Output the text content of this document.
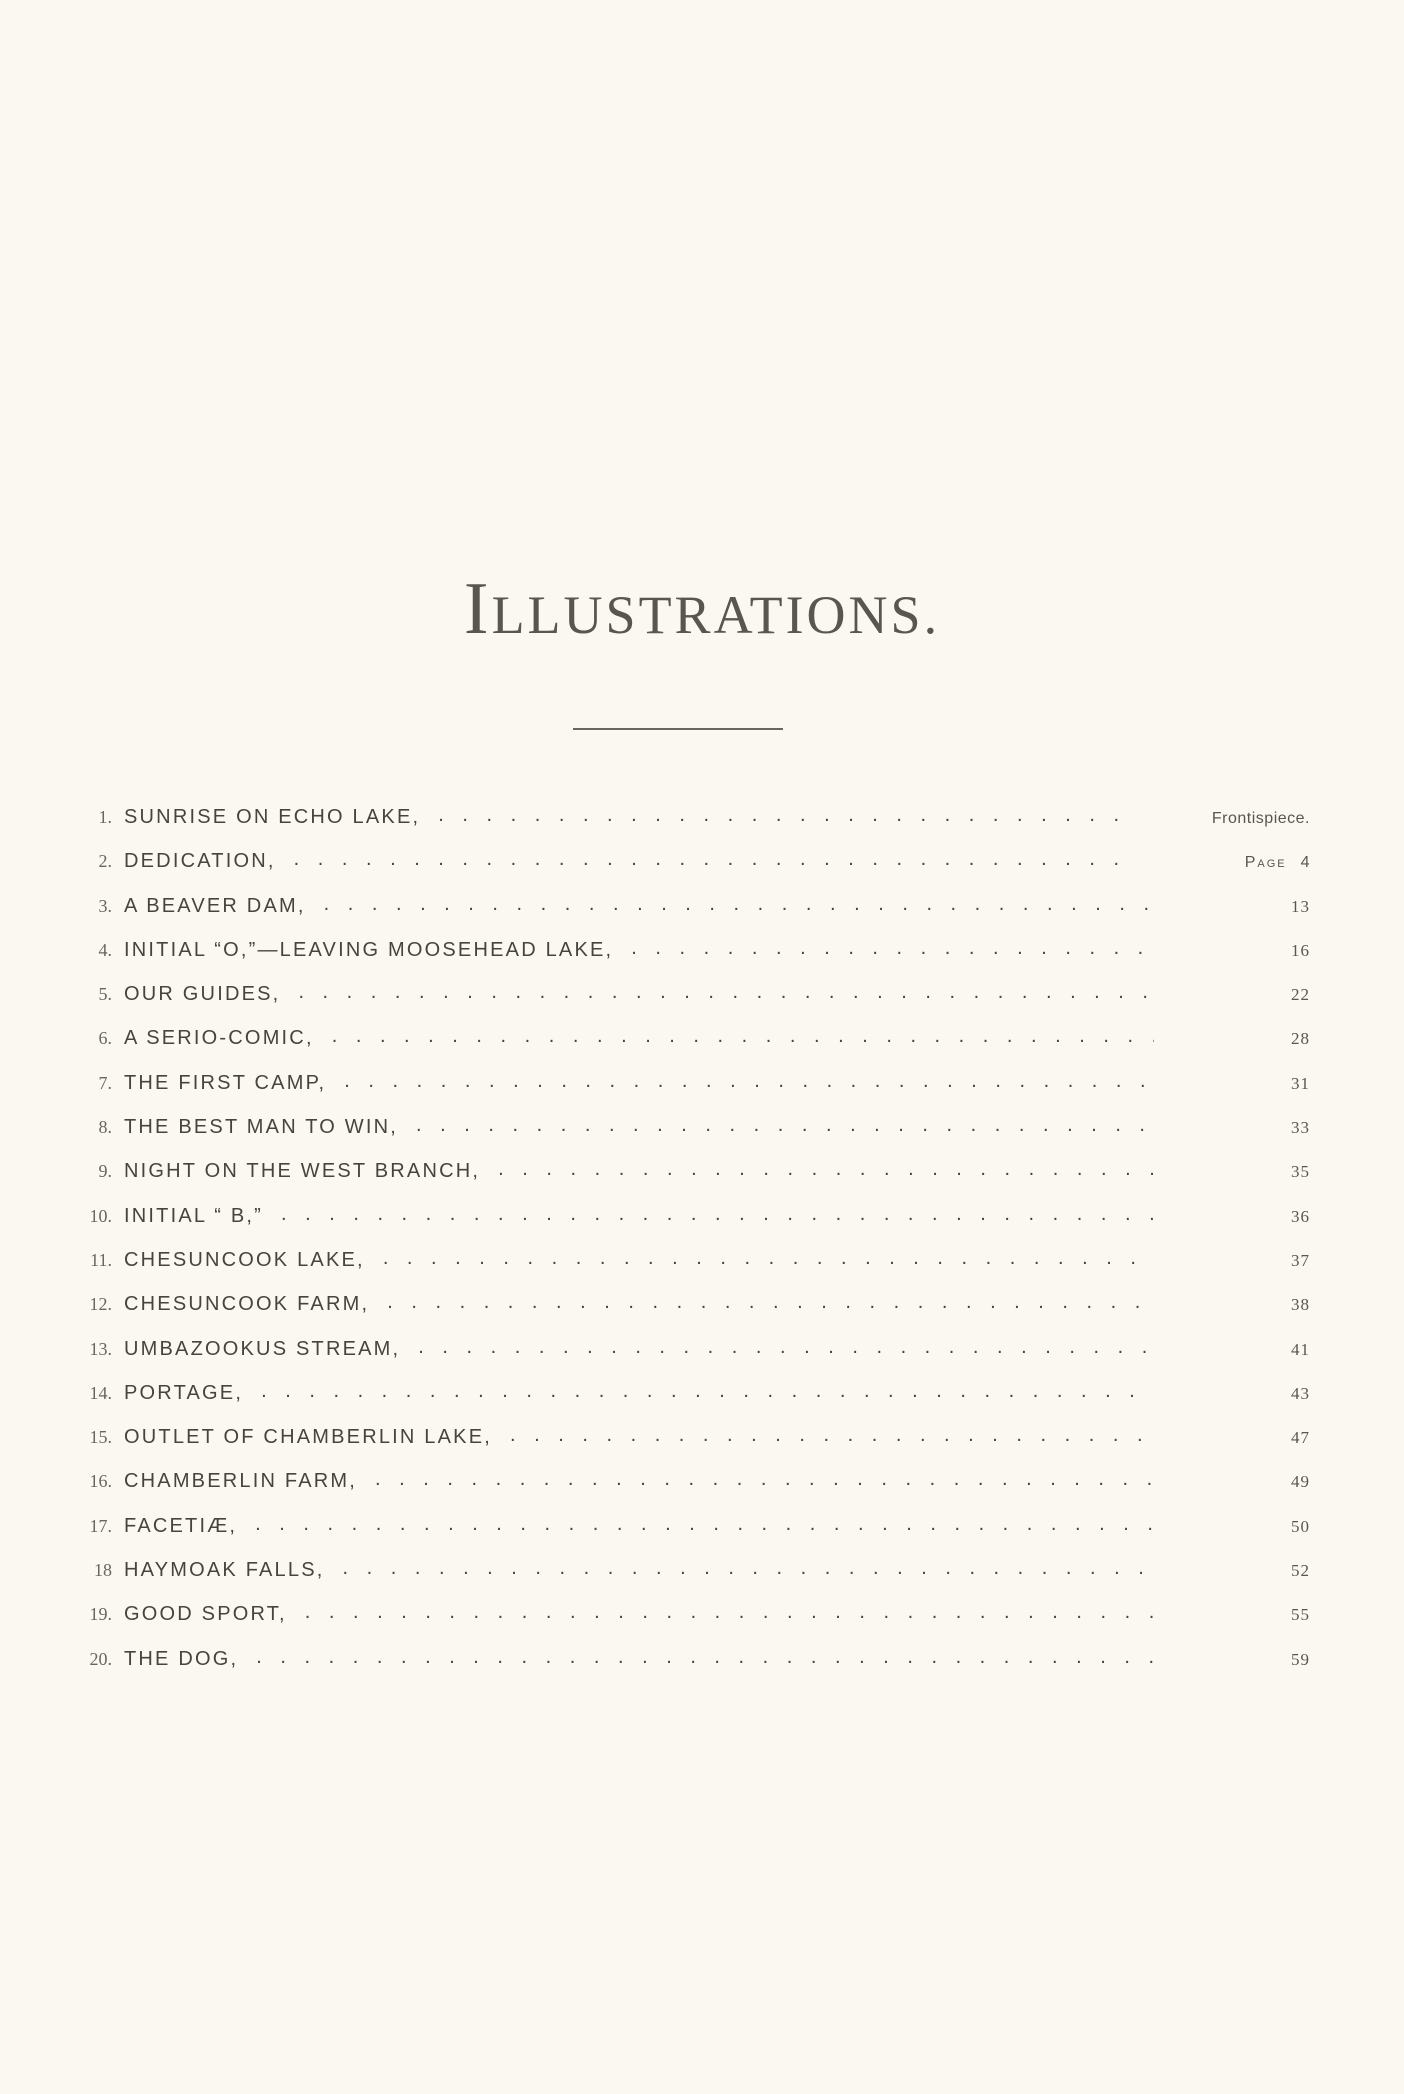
ILLUSTRATIONS.
1. SUNRISE ON ECHO LAKE, . . .	Frontispiece.
2. DEDICATION, . . .	Page 4
3. A BEAVER DAM, . . .	13
4. INITIAL “O,”—LEAVING MOOSEHEAD LAKE, . . .	16
5. OUR GUIDES, . . .	22
6. A SERIO-COMIC, . . .	28
7. THE FIRST CAMP, . . .	31
8. THE BEST MAN TO WIN, . . .	33
9. NIGHT ON THE WEST BRANCH, . . .	35
10. INITIAL “ B,” . . .	36
11. CHESUNCOOK LAKE, . . .	37
12. CHESUNCOOK FARM, . . .	38
13. UMBAZOOKUS STREAM, . . .	41
14. PORTAGE, . . .	43
15. OUTLET OF CHAMBERLIN LAKE, . . .	47
16. CHAMBERLIN FARM, . . .	49
17. FACETIÆ, . . .	50
18 HAYMOAK FALLS, . . .	52
19. GOOD SPORT, . . .	55
20. THE DOG, . . .	59
